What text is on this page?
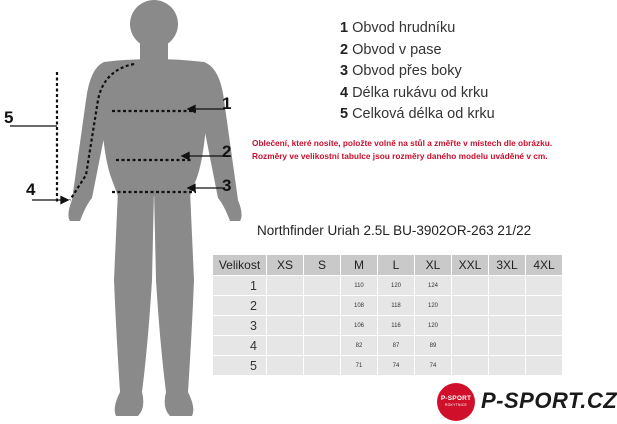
1
2
3
4
5
1 Obvod hrudníku
2 Obvod v pase
3 Obvod přes boky
4 Délka rukávu od krku
5 Celková délka od krku
Oblečení, které nosíte, položte volně na stůl a změřte v místech dle obrázku.
Rozměry ve velikostní tabulce jsou rozměry daného modelu uváděné v cm.
Northfinder Uriah 2.5L BU-3902OR-263 21/22
Velikost	XS	S	M	L	XL	XXL	3XL	4XL
1			110	120	124			
2			108	118	120			
3			106	116	120			
4			82	87	89			
5			71	74	74			
P-SPORT
ROKYTNICE P-SPORT.CZ
